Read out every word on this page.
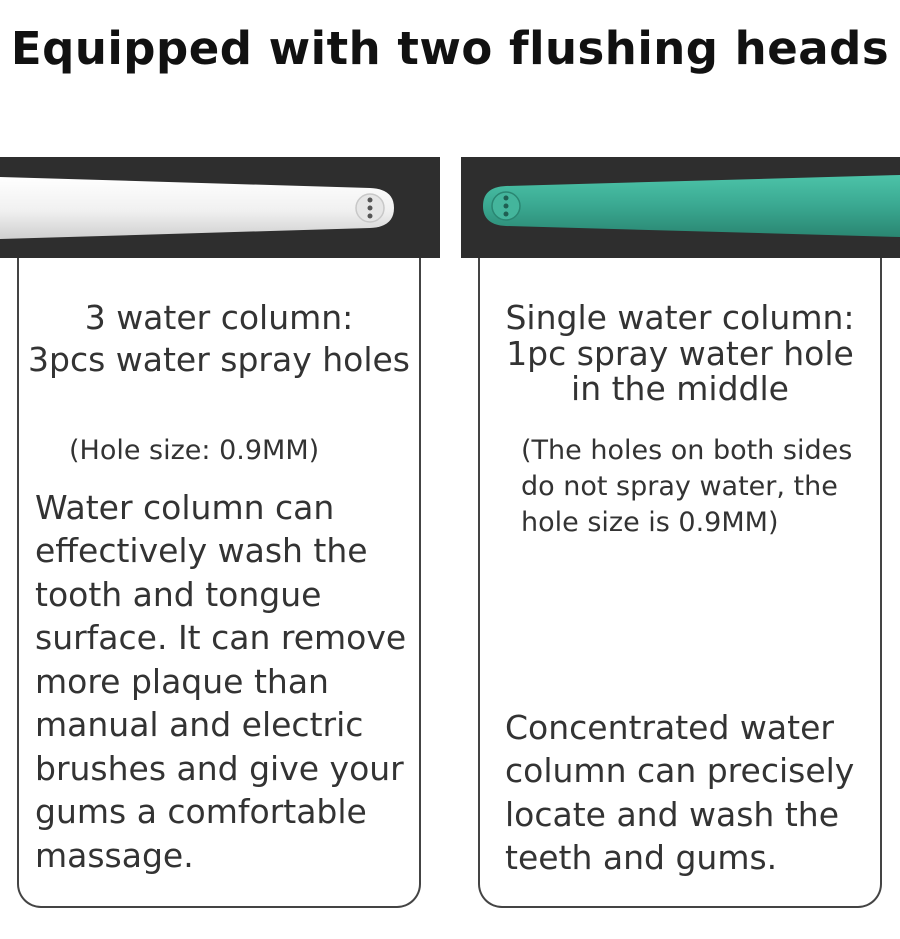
Equipped with two flushing heads
3 water column:
3pcs water spray holes
(Hole size: 0.9MM)
Water column can
effectively wash the
tooth and tongue
surface. It can remove
more plaque than
manual and electric
brushes and give your
gums a comfortable
massage.
Single water column:
1pc spray water hole
in the middle
(The holes on both sides
do not spray water, the
hole size is 0.9MM)
Concentrated water
column can precisely
locate and wash the
teeth and gums.
